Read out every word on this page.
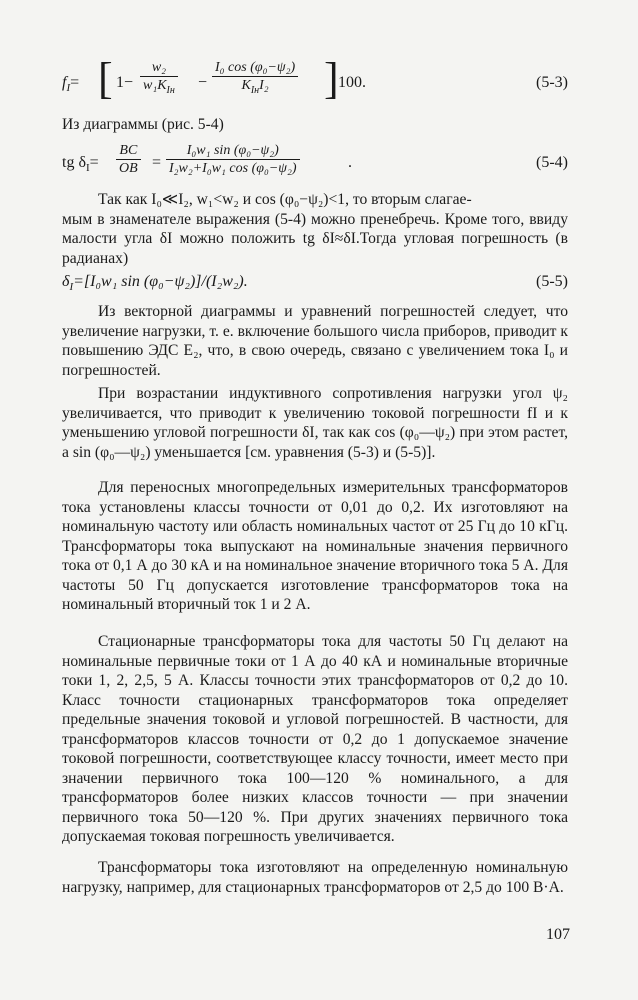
$f_I=$ [ 1−
w₂
$w_1K_{Iн}$ −
I₀ cos (φ₀−ψ₂)
$K_{Iн}I_2$	] 100.	(5-3)
Из диаграммы (рис. 5-4)
tg $\delta_I= \frac{BC}{OB} = \frac{\text{I₀w₁ sin (φ₀−ψ₂)}}{\text{I₂w₂+I₀w₁ cos (φ₀−ψ₂)}}$	.	(5-4)

Так как I₀≪I₂, w₁<w₂ и cos (φ₀−ψ₂)<1, то вторым слагае-

мым в знаменателе выражения (5-4) можно пренебречь. Кроме того, ввиду малости угла δI можно положить tg δI≈δI.Тогда угловая погрешность (в радианах)
$\delta_I=[I_0w_1$ sin (φ₀−ψ₂)]/(I₂w₂).	(5-5)

Из векторной диаграммы и уравнений погрешностей следует, что увеличение нагрузки, т. е. включение большого числа приборов, приводит к повышению ЭДС E₂, что, в свою очередь, связано с увеличением тока I₀ и погрешностей.

При возрастании индуктивного сопротивления нагрузки угол ψ₂ увеличивается, что приводит к увеличению токовой погрешности fI и к уменьшению угловой погрешности δI, так как cos (φ₀—ψ₂) при этом растет, a sin (φ₀—ψ₂) уменьшается [см. уравнения (5-3) и (5-5)].

Для переносных многопредельных измерительных трансформаторов тока установлены классы точности от 0,01 до 0,2. Их изготовляют на номинальную частоту или область номинальных частот от 25 Гц до 10 кГц. Трансформаторы тока выпускают на номинальные значения первичного тока от 0,1 А до 30 кА и на номинальное значение вторичного тока 5 А. Для частоты 50 Гц допускается изготовление трансформаторов тока на номинальный вторичный ток 1 и 2 А.

Стационарные трансформаторы тока для частоты 50 Гц делают на номинальные первичные токи от 1 А до 40 кА и номинальные вторичные токи 1, 2, 2,5, 5 А. Классы точности этих трансформаторов от 0,2 до 10. Класс точности стационарных трансформаторов тока определяет предельные значения токовой и угловой погрешностей. В частности, для трансформаторов классов точности от 0,2 до 1 допускаемое значение токовой погрешности, соответствующее классу точности, имеет место при значении первичного тока 100—120 % номинального, а для трансформаторов более низких классов точности — при значении первичного тока 50—120 %. При других значениях первичного тока допускаемая токовая погрешность увеличивается.

Трансформаторы тока изготовляют на определенную номинальную нагрузку, например, для стационарных трансформаторов от 2,5 до 100 В·А.

107
